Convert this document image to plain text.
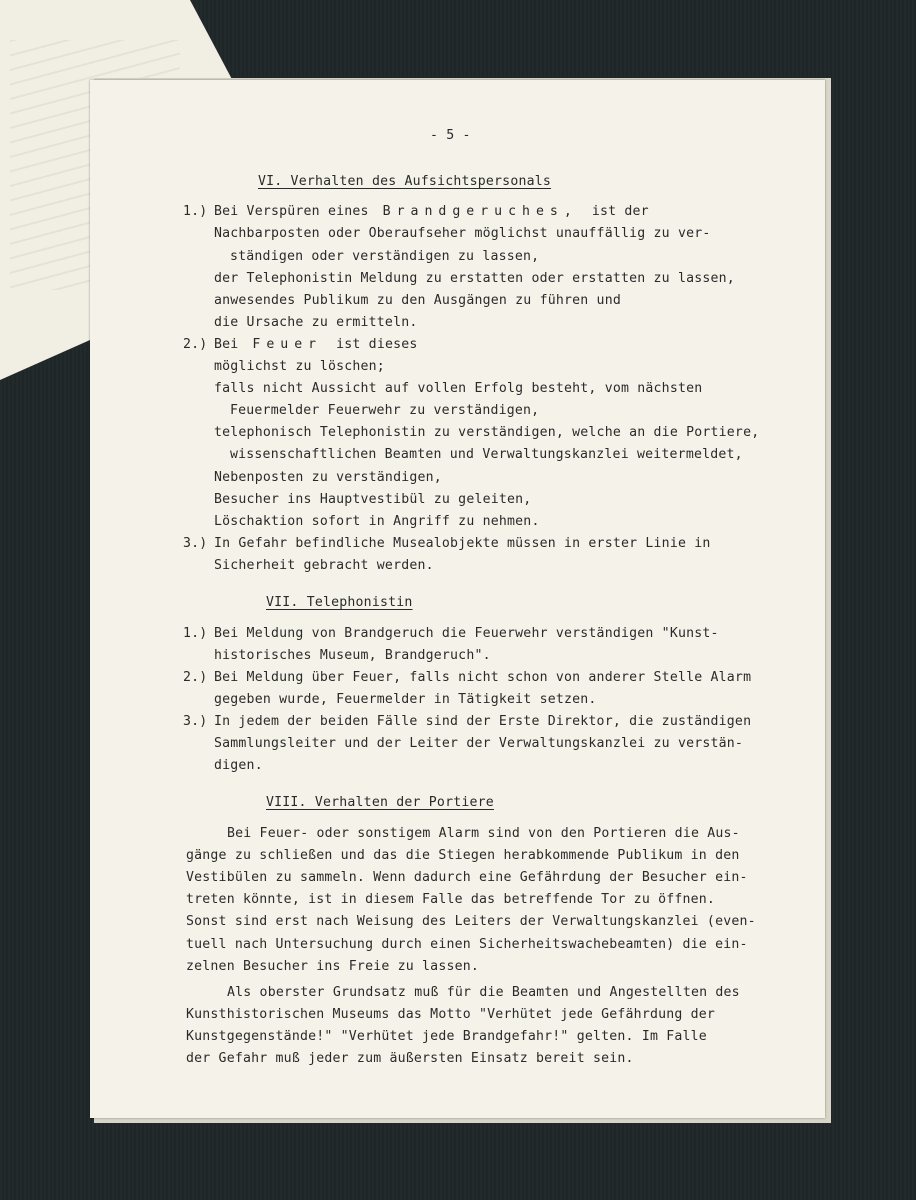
- 5 -

VI. Verhalten des Aufsichtspersonals

1.) Bei Verspüren eines Brandgeruches, ist der

Nachbarposten oder Oberaufseher möglichst unauffällig zu ver-

ständigen oder verständigen zu lassen,

der Telephonistin Meldung zu erstatten oder erstatten zu lassen,

anwesendes Publikum zu den Ausgängen zu führen und

die Ursache zu ermitteln.

2.) Bei Feuer ist dieses

möglichst zu löschen;

falls nicht Aussicht auf vollen Erfolg besteht, vom nächsten

Feuermelder Feuerwehr zu verständigen,

telephonisch Telephonistin zu verständigen, welche an die Portiere,

wissenschaftlichen Beamten und Verwaltungskanzlei weitermeldet,

Nebenposten zu verständigen,

Besucher ins Hauptvestibül zu geleiten,

Löschaktion sofort in Angriff zu nehmen.

3.) In Gefahr befindliche Musealobjekte müssen in erster Linie in

Sicherheit gebracht werden.

VII. Telephonistin

1.) Bei Meldung von Brandgeruch die Feuerwehr verständigen "Kunst-

historisches Museum, Brandgeruch".

2.) Bei Meldung über Feuer, falls nicht schon von anderer Stelle Alarm

gegeben wurde, Feuermelder in Tätigkeit setzen.

3.) In jedem der beiden Fälle sind der Erste Direktor, die zuständigen

Sammlungsleiter und der Leiter der Verwaltungskanzlei zu verstän-

digen.

VIII. Verhalten der Portiere

Bei Feuer- oder sonstigem Alarm sind von den Portieren die Aus-

gänge zu schließen und das die Stiegen herabkommende Publikum in den

Vestibülen zu sammeln. Wenn dadurch eine Gefährdung der Besucher ein-

treten könnte, ist in diesem Falle das betreffende Tor zu öffnen.

Sonst sind erst nach Weisung des Leiters der Verwaltungskanzlei (even-

tuell nach Untersuchung durch einen Sicherheitswachebeamten) die ein-

zelnen Besucher ins Freie zu lassen.

Als oberster Grundsatz muß für die Beamten und Angestellten des

Kunsthistorischen Museums das Motto "Verhütet jede Gefährdung der

Kunstgegenstände!" "Verhütet jede Brandgefahr!" gelten. Im Falle

der Gefahr muß jeder zum äußersten Einsatz bereit sein.
